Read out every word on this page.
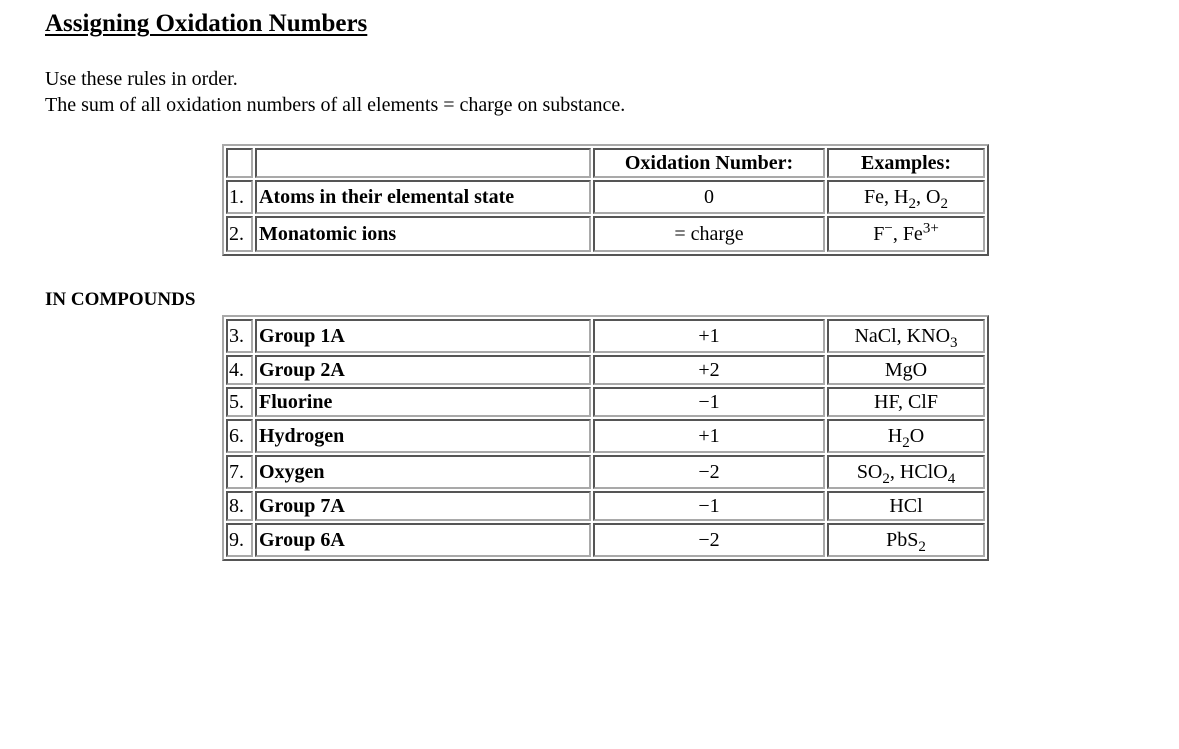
Assigning Oxidation Numbers

Use these rules in order.

The sum of all oxidation numbers of all elements = charge on substance.

		Oxidation Number:	Examples:
1.	Atoms in their elemental state	0	Fe, $H_2$, $O_2$
2.	Monatomic ions	= charge	F−, $Fe^{3+}$
IN COMPOUNDS
3.	Group 1A	+1	NaCl, $KNO_3$
4.	Group 2A	+2	MgO
5.	Fluorine	−1	HF, ClF
6.	Hydrogen	+1	$H_2O$
7.	Oxygen	−2	$SO_2$, HClO$_4$
8.	Group 7A	−1	HCl
9.	Group 6A	−2	PbS$_2$
